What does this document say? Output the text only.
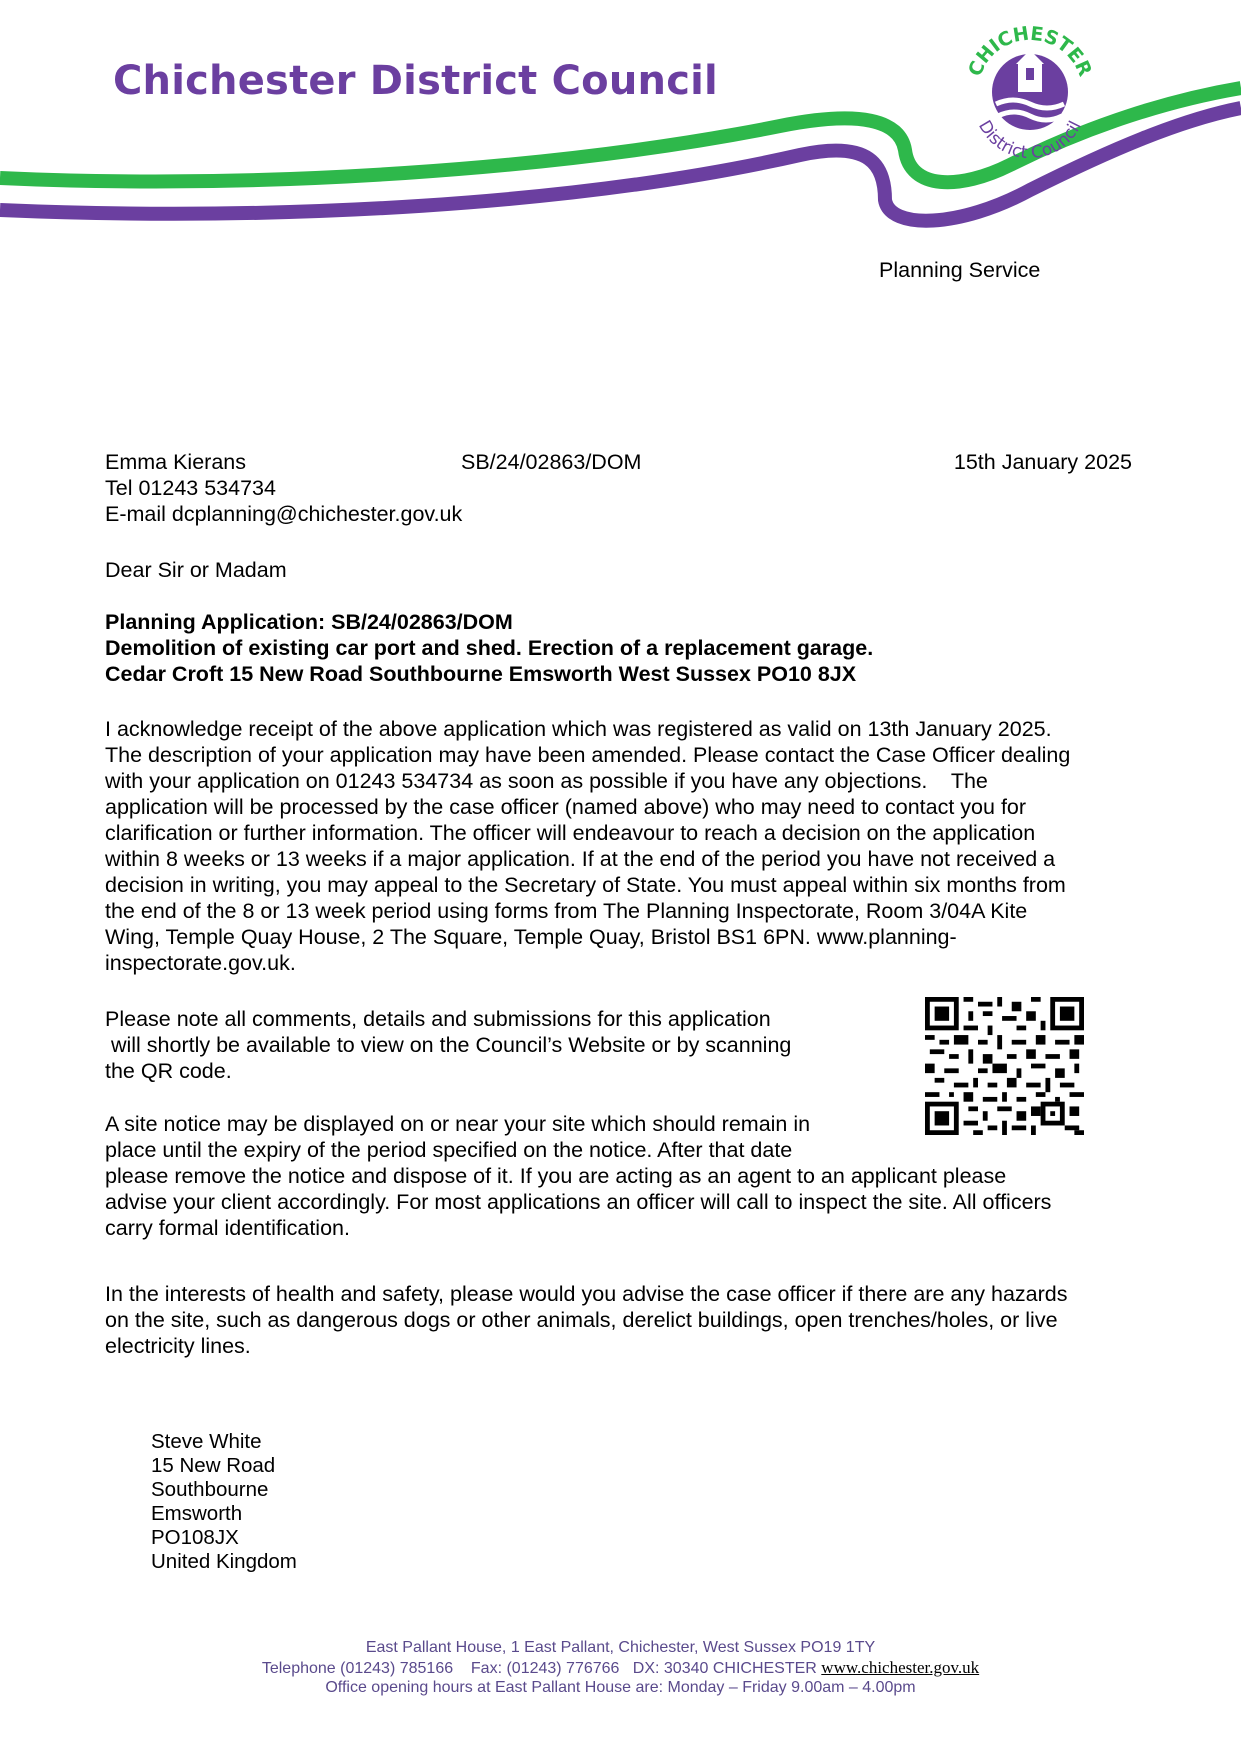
Chichester District Council	CHICHESTER
District Council
Planning Service
Emma Kierans
Tel 01243 534734
E-mail dcplanning@chichester.gov.uk
SB/24/02863/DOM	15th January 2025
Dear Sir or Madam
Planning Application: SB/24/02863/DOM
Demolition of existing car port and shed. Erection of a replacement garage.
Cedar Croft 15 New Road Southbourne Emsworth West Sussex PO10 8JX
I acknowledge receipt of the above application which was registered as valid on 13th January 2025.
The description of your application may have been amended. Please contact the Case Officer dealing
with your application on 01243 534734 as soon as possible if you have any objections.    The
application will be processed by the case officer (named above) who may need to contact you for
clarification or further information. The officer will endeavour to reach a decision on the application
within 8 weeks or 13 weeks if a major application. If at the end of the period you have not received a
decision in writing, you may appeal to the Secretary of State. You must appeal within six months from
the end of the 8 or 13 week period using forms from The Planning Inspectorate, Room 3/04A Kite
Wing, Temple Quay House, 2 The Square, Temple Quay, Bristol BS1 6PN. www.planning-
inspectorate.gov.uk.
Please note all comments, details and submissions for this application
will shortly be available to view on the Council’s Website or by scanning
the QR code.
A site notice may be displayed on or near your site which should remain in
place until the expiry of the period specified on the notice. After that date
please remove the notice and dispose of it. If you are acting as an agent to an applicant please
advise your client accordingly. For most applications an officer will call to inspect the site. All officers
carry formal identification.
In the interests of health and safety, please would you advise the case officer if there are any hazards
on the site, such as dangerous dogs or other animals, derelict buildings, open trenches/holes, or live
electricity lines.
Steve White
15 New Road
Southbourne
Emsworth
PO108JX
United Kingdom
East Pallant House, 1 East Pallant, Chichester, West Sussex PO19 1TY
Telephone (01243) 785166    Fax: (01243) 776766   DX: 30340 CHICHESTER www.chichester.gov.uk
Office opening hours at East Pallant House are: Monday – Friday 9.00am – 4.00pm
